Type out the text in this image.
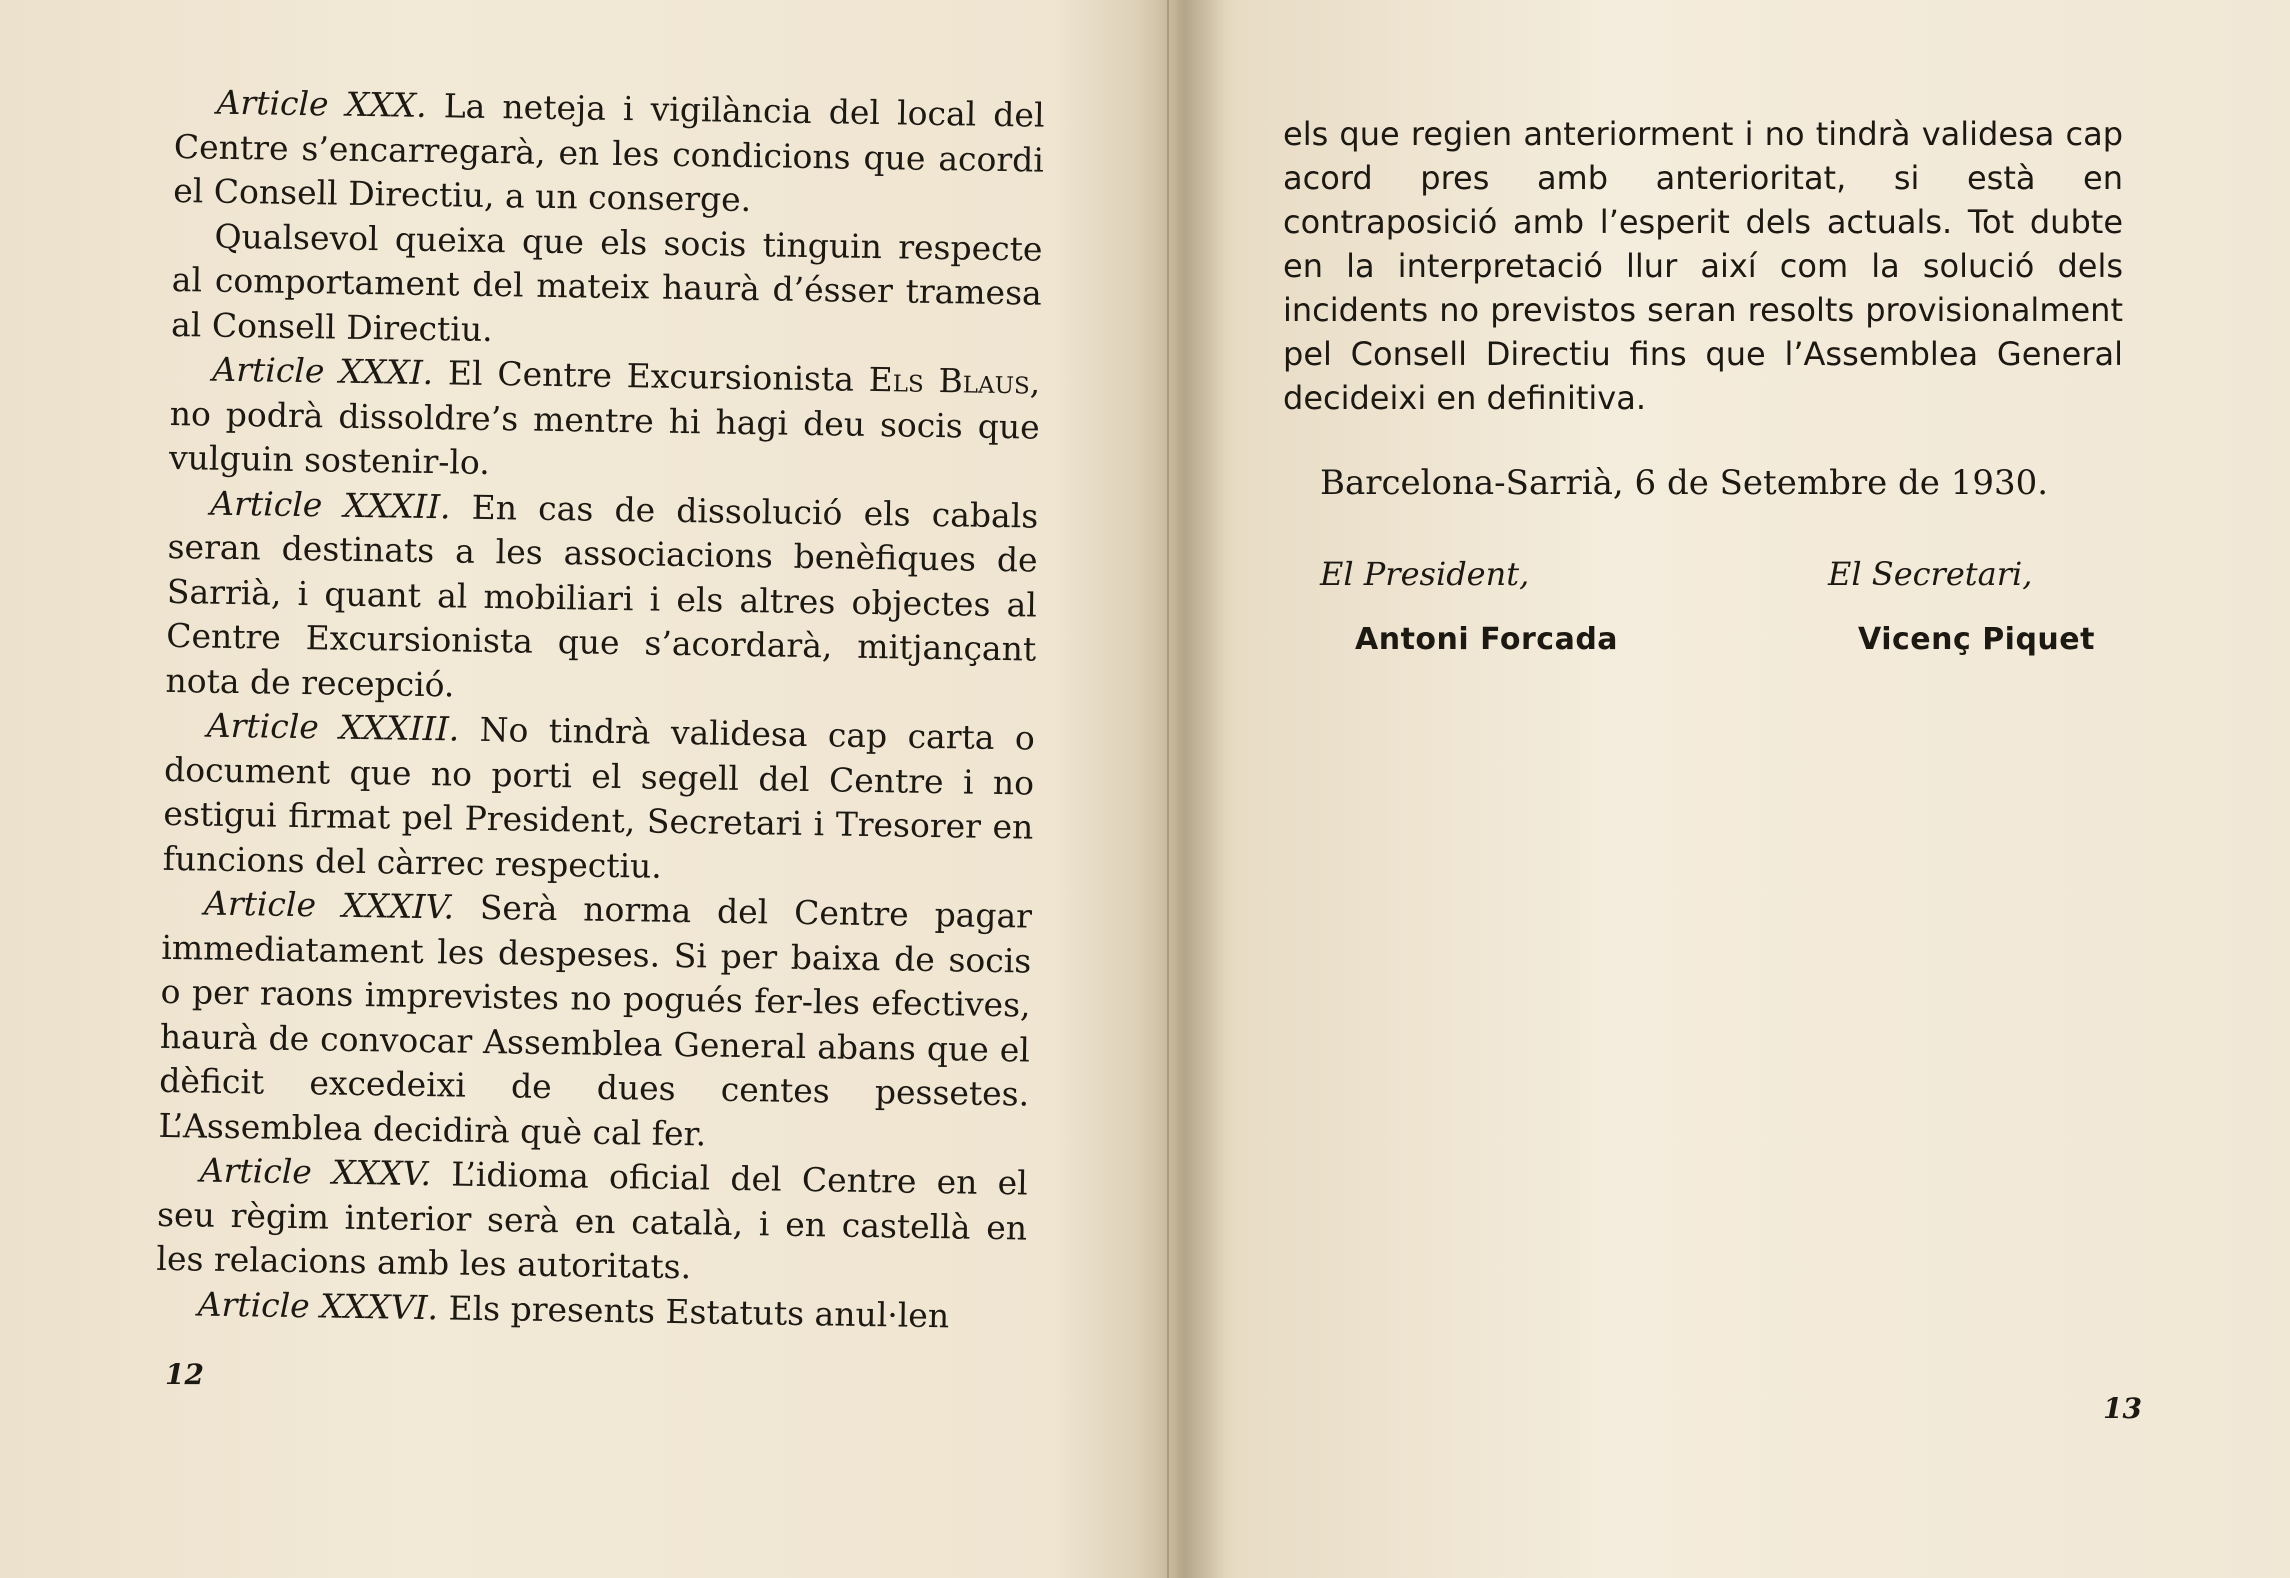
Article XXX. La neteja i vigilància del local del Centre s’encarregarà, en les condicions que acordi el Consell Directiu, a un conserge.

Qualsevol queixa que els socis tinguin respecte al comportament del mateix haurà d’ésser tramesa al Consell Directiu.

Article XXXI. El Centre Excursionista Els Blaus, no podrà dissoldre’s mentre hi hagi deu socis que vulguin sostenir-lo.

Article XXXII. En cas de dissolució els cabals seran destinats a les associacions benèfiques de Sarrià, i quant al mobiliari i els altres objectes al Centre Excursionista que s’acordarà, mitjançant nota de recepció.

Article XXXIII. No tindrà validesa cap carta o document que no porti el segell del Centre i no estigui firmat pel President, Secretari i Tresorer en funcions del càrrec respectiu.

Article XXXIV. Serà norma del Centre pagar immediatament les despeses. Si per baixa de socis o per raons imprevistes no pogués fer-les efectives, haurà de convocar Assemblea General abans que el dèficit excedeixi de dues centes pessetes. L’Assemblea decidirà què cal fer.

Article XXXV. L’idioma oficial del Centre en el seu règim interior serà en català, i en castellà en les relacions amb les autoritats.

Article XXXVI. Els presents Estatuts anul·len

12

els que regien anteriorment i no tindrà validesa cap acord pres amb anterioritat, si està en contraposició amb l’esperit dels actuals. Tot dubte en la interpretació llur així com la solució dels incidents no previstos seran resolts provisionalment pel Consell Directiu fins que l’Assemblea General decideixi en definitiva.

Barcelona-Sarrià, 6 de Setembre de 1930.
El President,
Antoni Forcada
El Secretari,
Vicenç Piquet
13
